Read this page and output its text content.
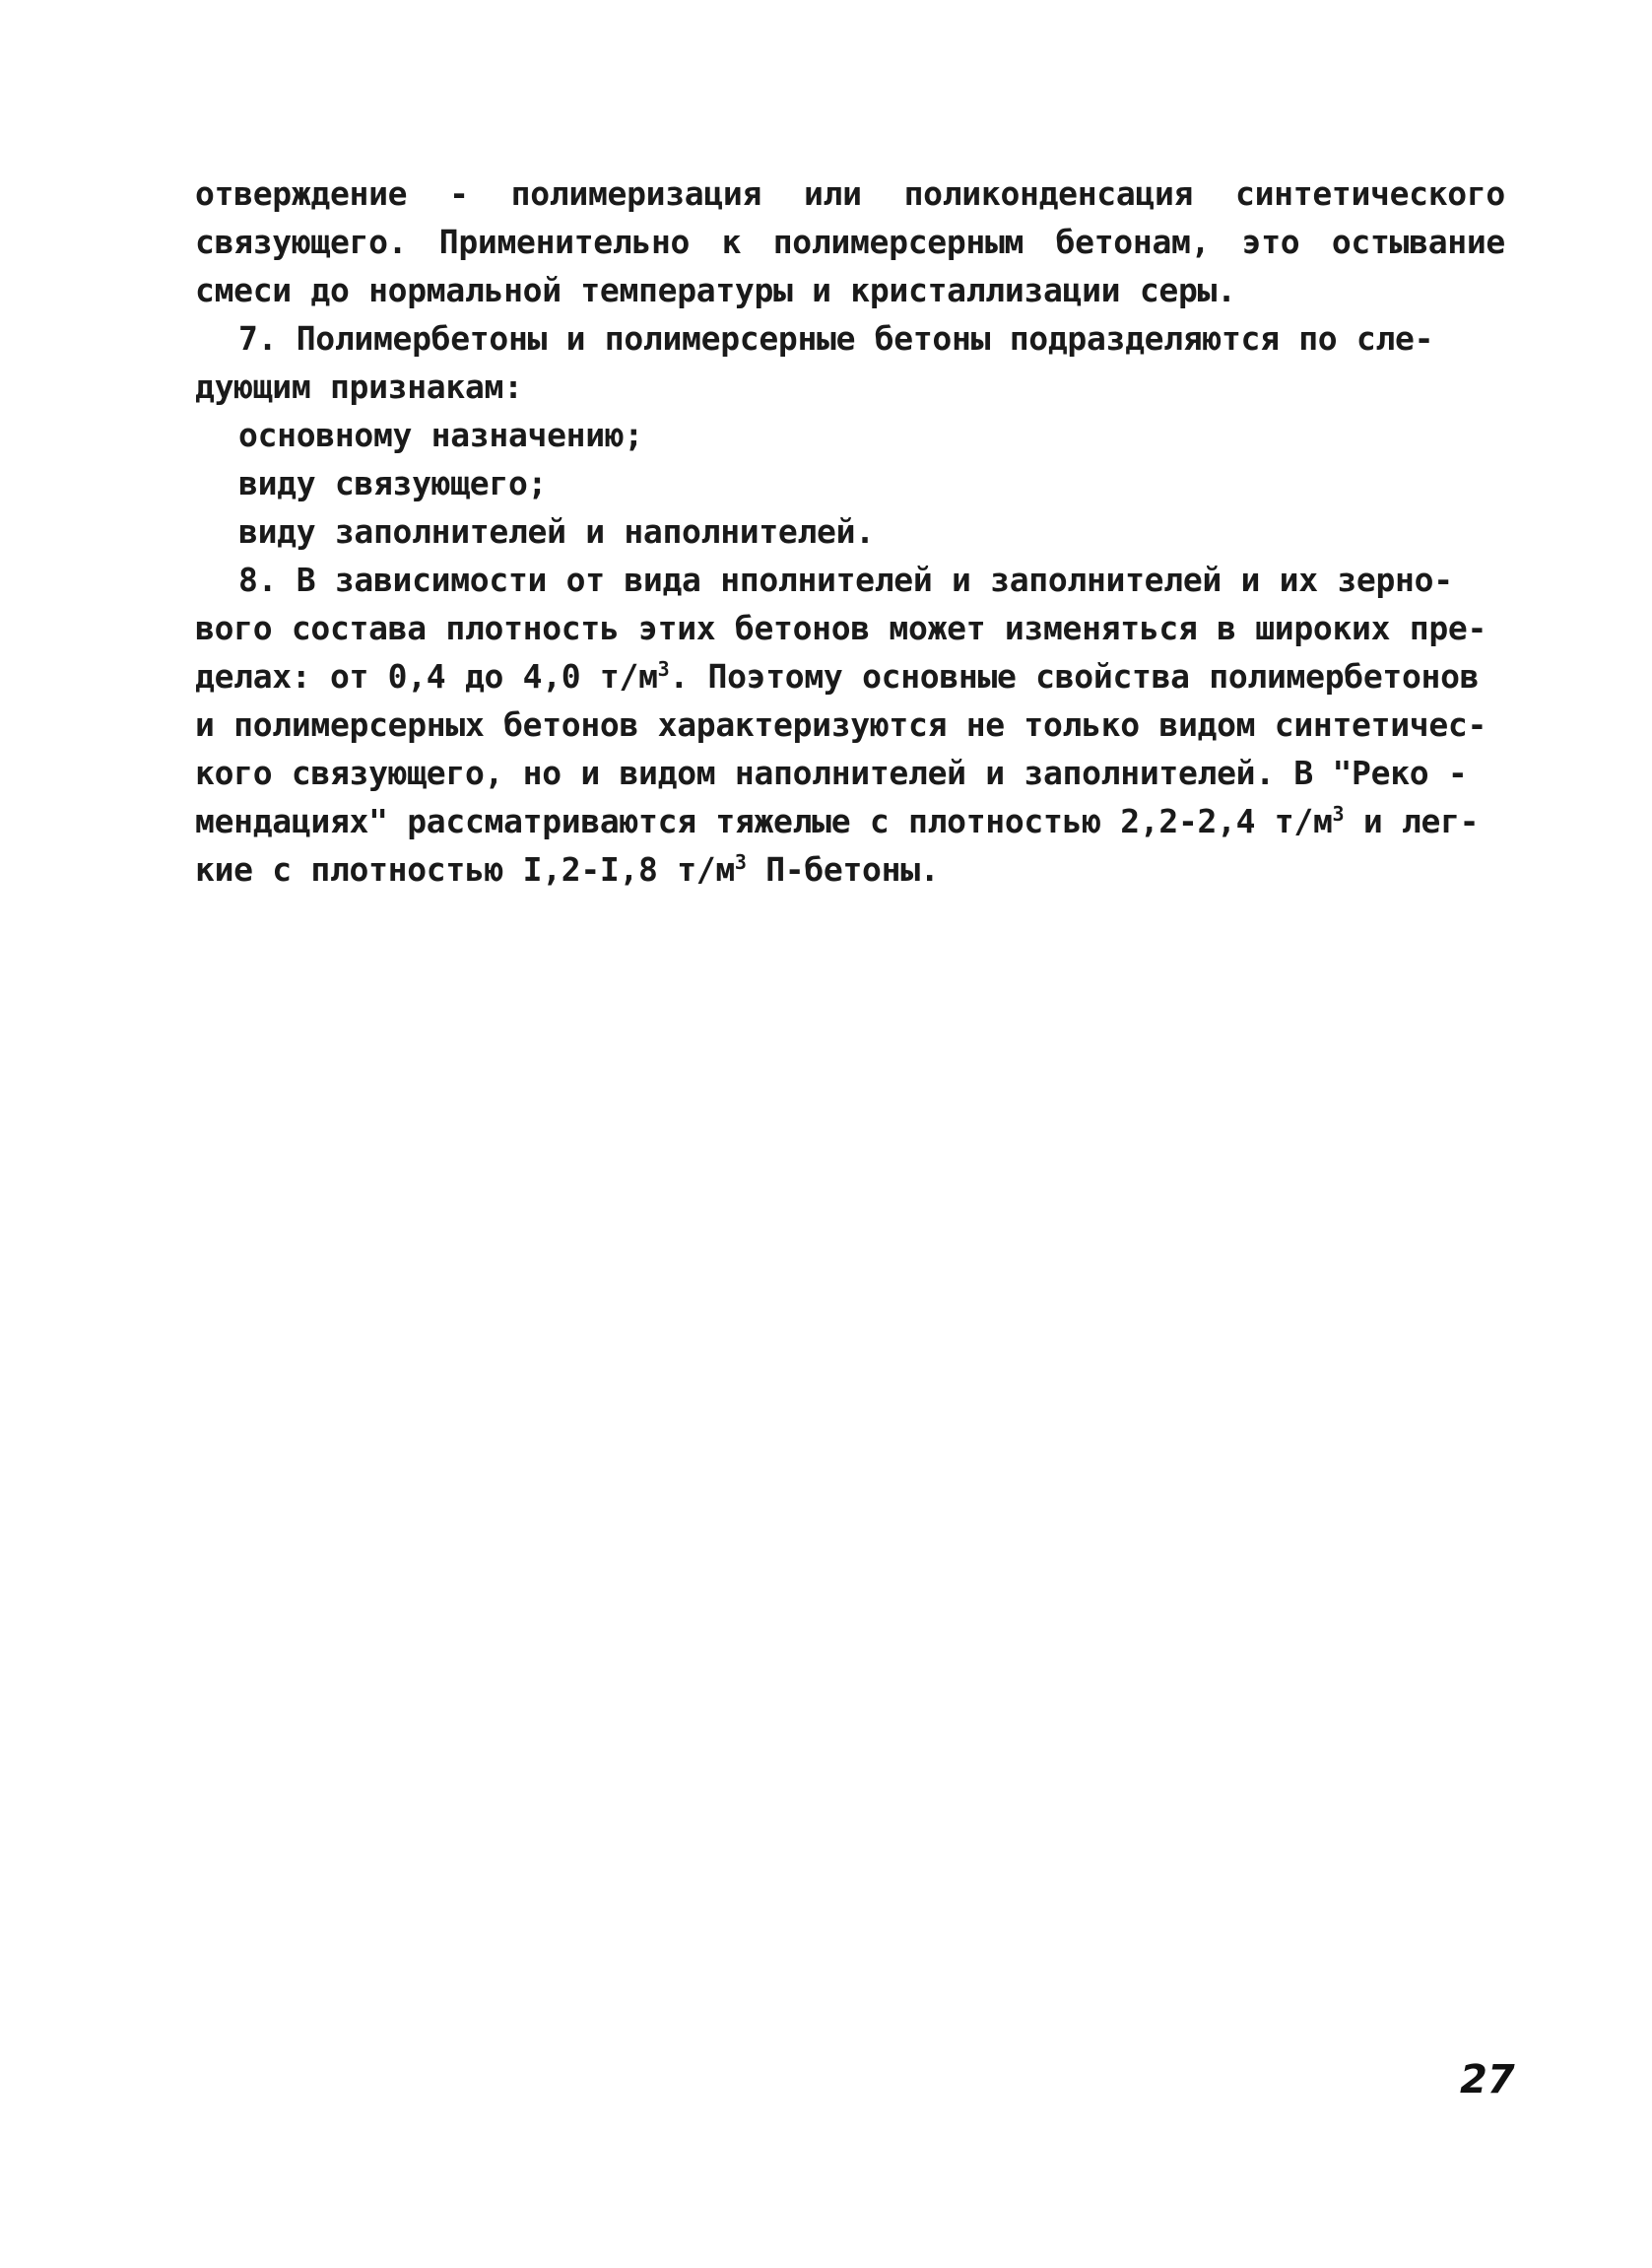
отверждение - полимеризация или поликонденсация синтетического
связующего. Применительно к полимерсерным бетонам, это остывание
смеси до нормальной температуры и кристаллизации серы.
7. Полимербетоны и полимерсерные бетоны подразделяются по сле-
дующим признакам:
основному назначению;
виду связующего;
виду заполнителей и наполнителей.
8. В зависимости от вида нполнителей и заполнителей и их зерно-
вого состава плотность этих бетонов может изменяться в широких пре-
делах: от 0,4 до 4,0 $т/м^3$. Поэтому основные свойства полимербетонов
и полимерсерных бетонов характеризуются не только видом синтетичес-
кого связующего, но и видом наполнителей и заполнителей. В "Реко -
мендациях" рассматриваются тяжелые с плотностью 2,2-2,4 $т/м^3$ и лег-
кие с плотностью I,2-I,8 $т/м^3$ П-бетоны.
27
